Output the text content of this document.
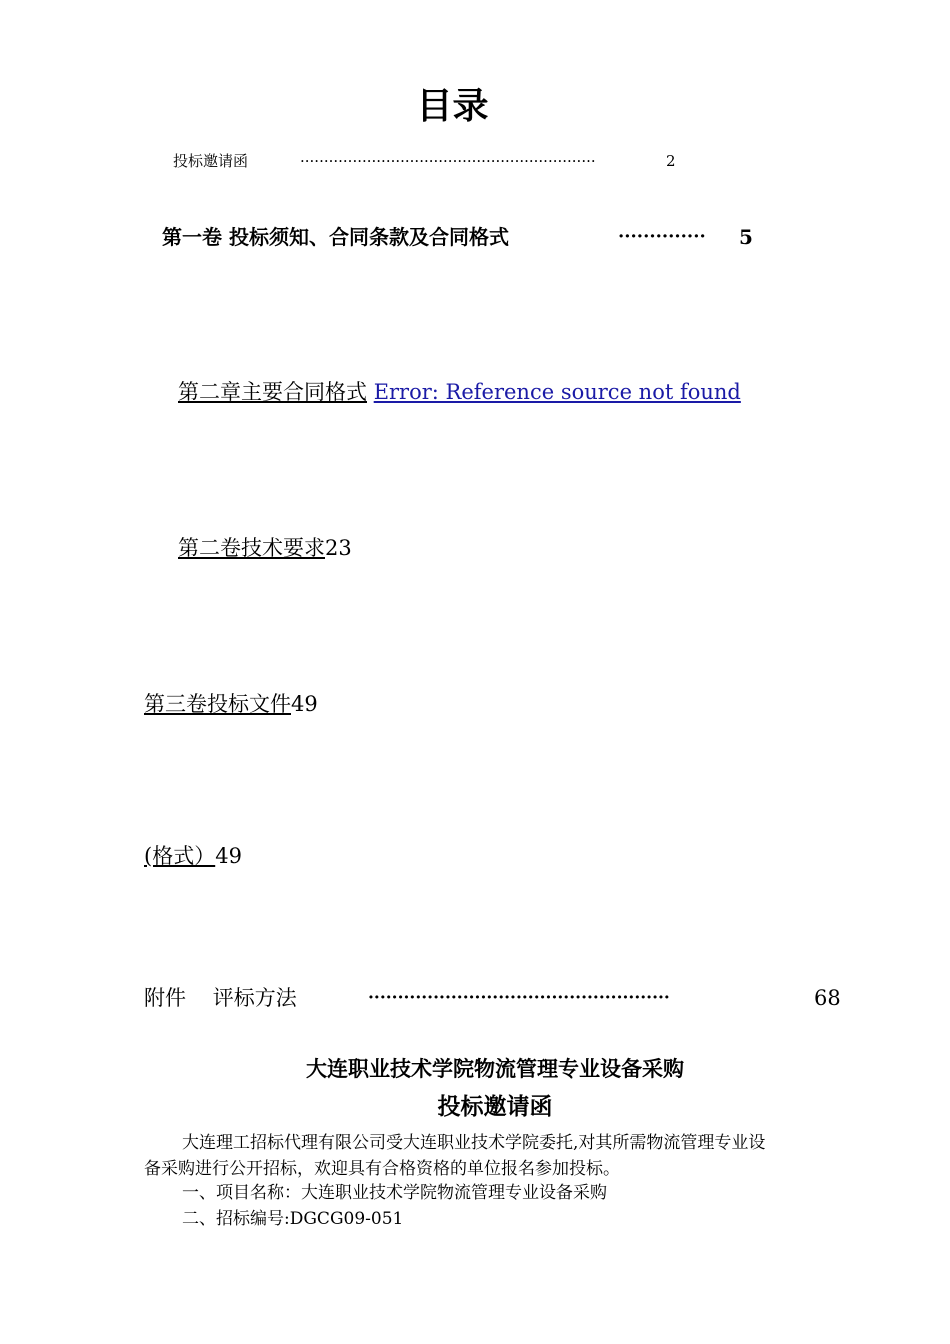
目录
投标邀请函	······························································	2
第一卷 投标须知、合同条款及合同格式	·············· 5
第二章主要合同格式 Error: Reference source not found
第二卷技术要求23
第三卷投标文件49
(格式）49
附件    评标方法	···················································	68
大连职业技术学院物流管理专业设备采购
投标邀请函
大连理工招标代理有限公司受大连职业技术学院委托,对其所需物流管理专业设
备采购进行公开招标，欢迎具有合格资格的单位报名参加投标。
一、项目名称：大连职业技术学院物流管理专业设备采购
二、招标编号:DGCG09-051
